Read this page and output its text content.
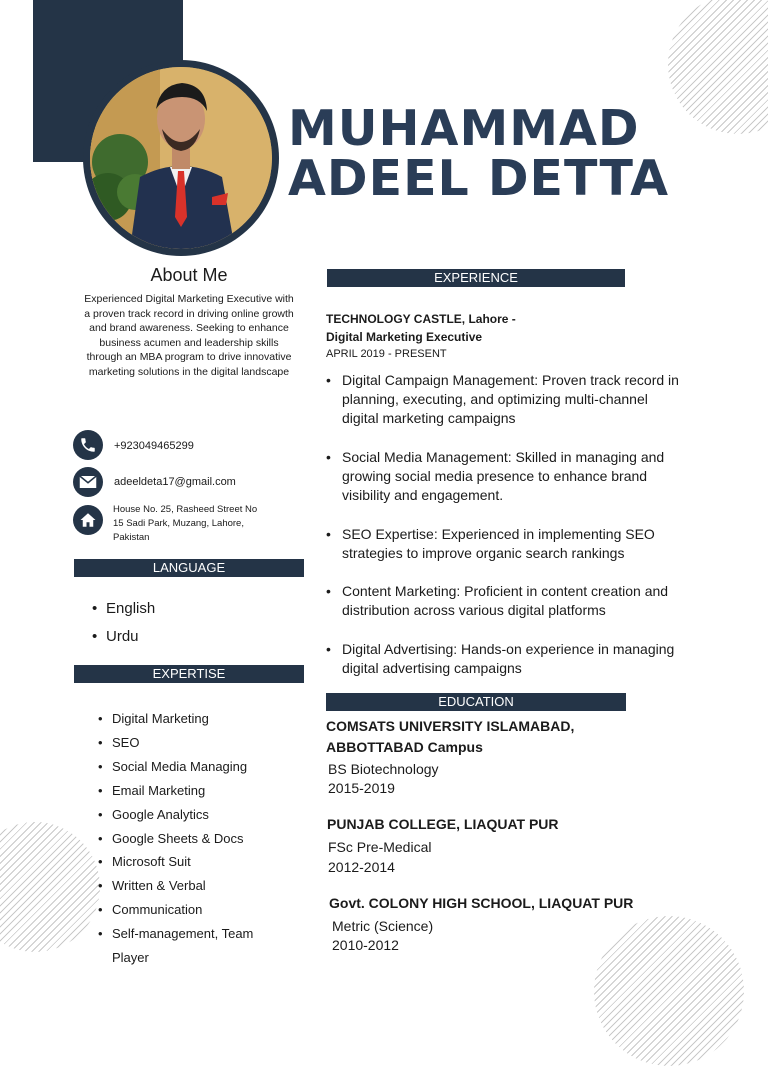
MUHAMMAD
ADEEL DETTA
About Me
Experienced Digital Marketing Executive with a proven track record in driving online growth and brand awareness. Seeking to enhance business acumen and leadership skills through an MBA program to drive innovative marketing solutions in the digital landscape
+923049465299
adeeldeta17@gmail.com
House No. 25, Rasheed Street No
15 Sadi Park, Muzang, Lahore,
Pakistan
LANGUAGE
• English
• Urdu
EXPERTISE
• Digital Marketing
• SEO
• Social Media Managing
• Email Marketing
• Google Analytics
• Google Sheets & Docs
• Microsoft Suit
• Written & Verbal
• Communication
• Self-management, Team
Player
EXPERIENCE
TECHNOLOGY CASTLE, Lahore -
Digital Marketing Executive
APRIL 2019 - PRESENT
• Digital Campaign Management: Proven track record in
planning, executing, and optimizing multi-channel
digital marketing campaigns
• Social Media Management: Skilled in managing and
growing social media presence to enhance brand
visibility and engagement.
• SEO Expertise: Experienced in implementing SEO
strategies to improve organic search rankings
• Content Marketing: Proficient in content creation and
distribution across various digital platforms
• Digital Advertising: Hands-on experience in managing
digital advertising campaigns
EDUCATION
COMSATS UNIVERSITY ISLAMABAD,
ABBOTTABAD Campus
BS Biotechnology
2015-2019
PUNJAB COLLEGE, LIAQUAT PUR
FSc Pre-Medical
2012-2014
Govt. COLONY HIGH SCHOOL, LIAQUAT PUR
Metric (Science)
2010-2012
